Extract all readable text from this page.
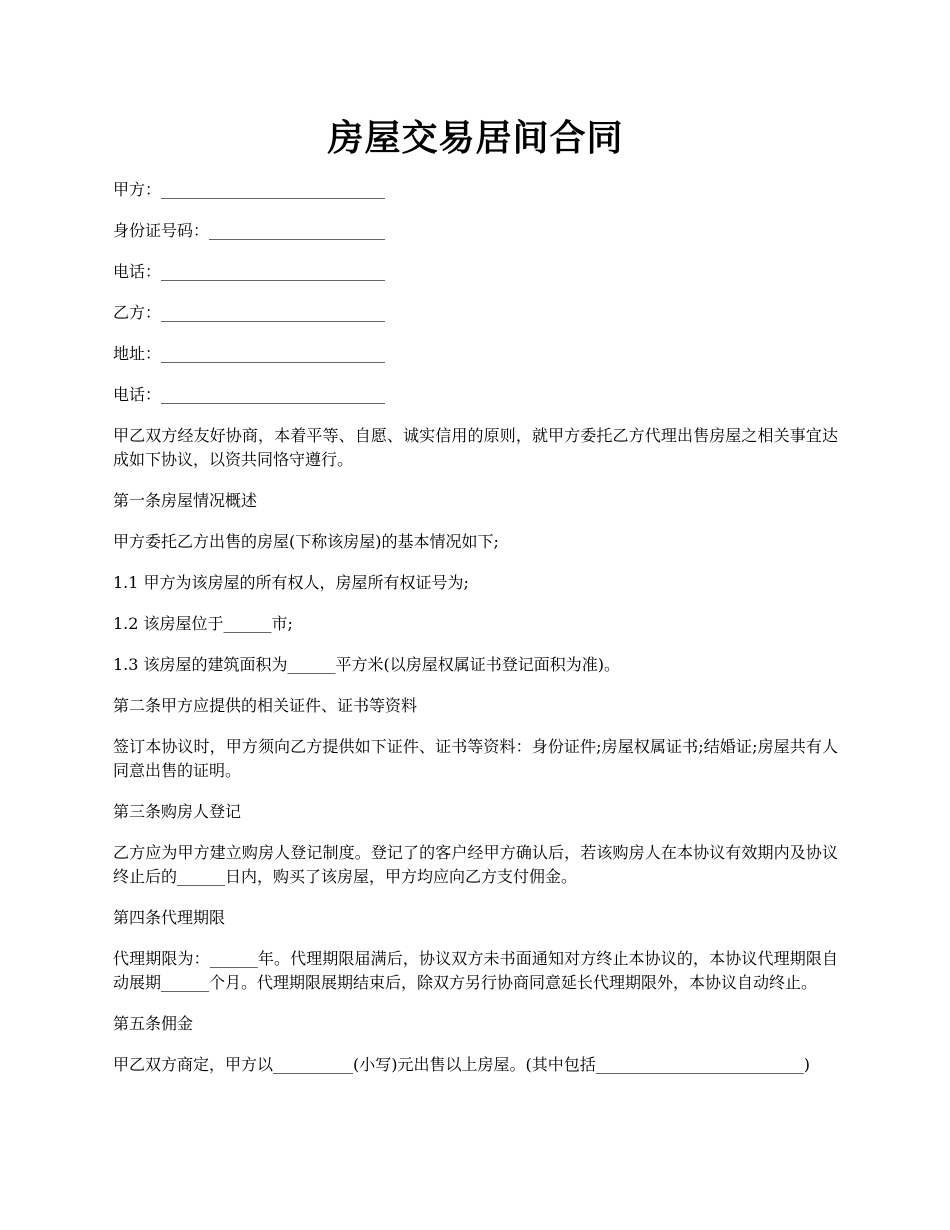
房屋交易居间合同

甲方：____________________________

身份证号码：______________________

电话：____________________________

乙方：____________________________

地址：____________________________

电话：____________________________

甲乙双方经友好协商，本着平等、自愿、诚实信用的原则，就甲方委托乙方代理出售房屋之相关事宜达成如下协议，以资共同恪守遵行。

第一条房屋情况概述

甲方委托乙方出售的房屋(下称该房屋)的基本情况如下;

1.1 甲方为该房屋的所有权人，房屋所有权证号为;

1.2 该房屋位于______市;

1.3 该房屋的建筑面积为______平方米(以房屋权属证书登记面积为准)。

第二条甲方应提供的相关证件、证书等资料

签订本协议时，甲方须向乙方提供如下证件、证书等资料：身份证件;房屋权属证书;结婚证;房屋共有人同意出售的证明。

第三条购房人登记

乙方应为甲方建立购房人登记制度。登记了的客户经甲方确认后，若该购房人在本协议有效期内及协议终止后的______日内，购买了该房屋，甲方均应向乙方支付佣金。

第四条代理期限

代理期限为：______年。代理期限届满后，协议双方未书面通知对方终止本协议的，本协议代理期限自动展期______个月。代理期限展期结束后，除双方另行协商同意延长代理期限外，本协议自动终止。

第五条佣金

甲乙双方商定，甲方以__________(小写)元出售以上房屋。(其中包括__________________________)
